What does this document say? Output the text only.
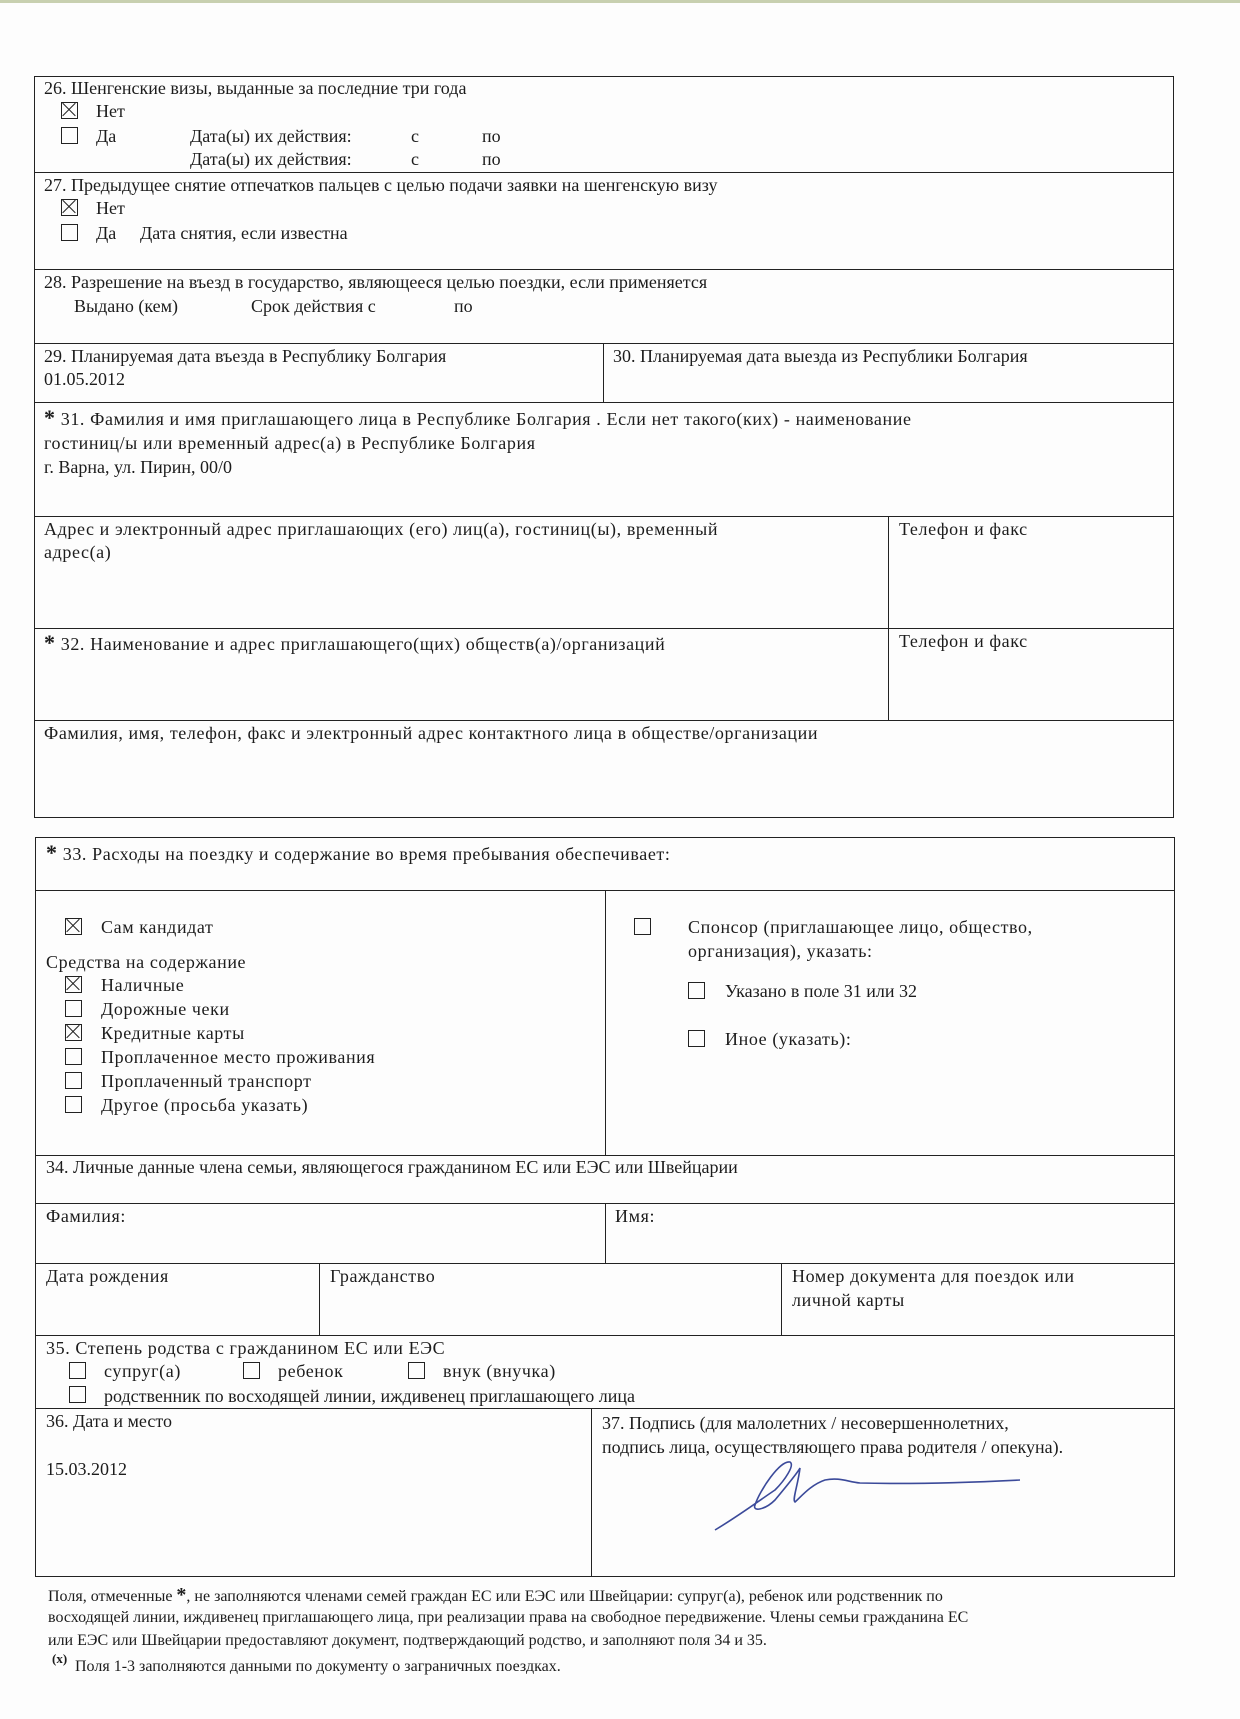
26. Шенгенские визы, выданные за последние три года
Нет
Да	Дата(ы) их действия:	с	по
Дата(ы) их действия:	с	по
27. Предыдущее снятие отпечатков пальцев с целью подачи заявки на шенгенскую визу
Нет
Да Дата снятия, если известна
28. Разрешение на въезд в государство, являющееся целью поездки, если применяется
Выдано (кем)	Срок действия с	по
29. Планируемая дата въезда в Республику Болгария
01.05.2012
30. Планируемая дата выезда из Республики Болгария
* 31. Фамилия и имя приглашающего лица в Республике Болгария . Если нет такого(ких) - наименование
гостиниц/ы или временный адрес(а) в Республике Болгария
г. Варна, ул. Пирин, 00/0
Адрес и электронный адрес приглашающих (его) лиц(а), гостиниц(ы), временный
адрес(а)
Телефон и факс
* 32. Наименование и адрес приглашающего(щих) обществ(а)/организаций	Телефон и факс
Фамилия, имя, телефон, факс и электронный адрес контактного лица в обществе/организации
* 33. Расходы на поездку и содержание во время пребывания обеспечивает:
Сам кандидат
Средства на содержание
Наличные
Дорожные чеки
Кредитные карты
Проплаченное место проживания
Проплаченный транспорт
Другое (просьба указать)
Спонсор (приглашающее лицо, общество,
организация), указать:
Указано в поле 31 или 32
Иное (указать):
34. Личные данные члена семьи, являющегося гражданином ЕС или ЕЭС или Швейцарии
Фамилия:	Имя:
Дата рождения	Гражданство	Номер документа для поездок или
личной карты
35. Степень родства с гражданином ЕС или ЕЭС
супруг(а)	ребенок	внук (внучка)
родственник по восходящей линии, иждивенец приглашающего лица
36. Дата и место
15.03.2012
37. Подпись (для малолетних / несовершеннолетних,
подпись лица, осуществляющего права родителя / опекуна).
Поля, отмеченные *, не заполняются членами семей граждан ЕС или ЕЭС или Швейцарии: супруг(а), ребенок или родственник по
восходящей линии, иждивенец приглашающего лица, при реализации права на свободное передвижение. Члены семьи гражданина ЕС
или ЕЭС или Швейцарии предоставляют документ, подтверждающий родство, и заполняют поля 34 и 35.
(x) Поля 1-3 заполняются данными по документу о заграничных поездках.
